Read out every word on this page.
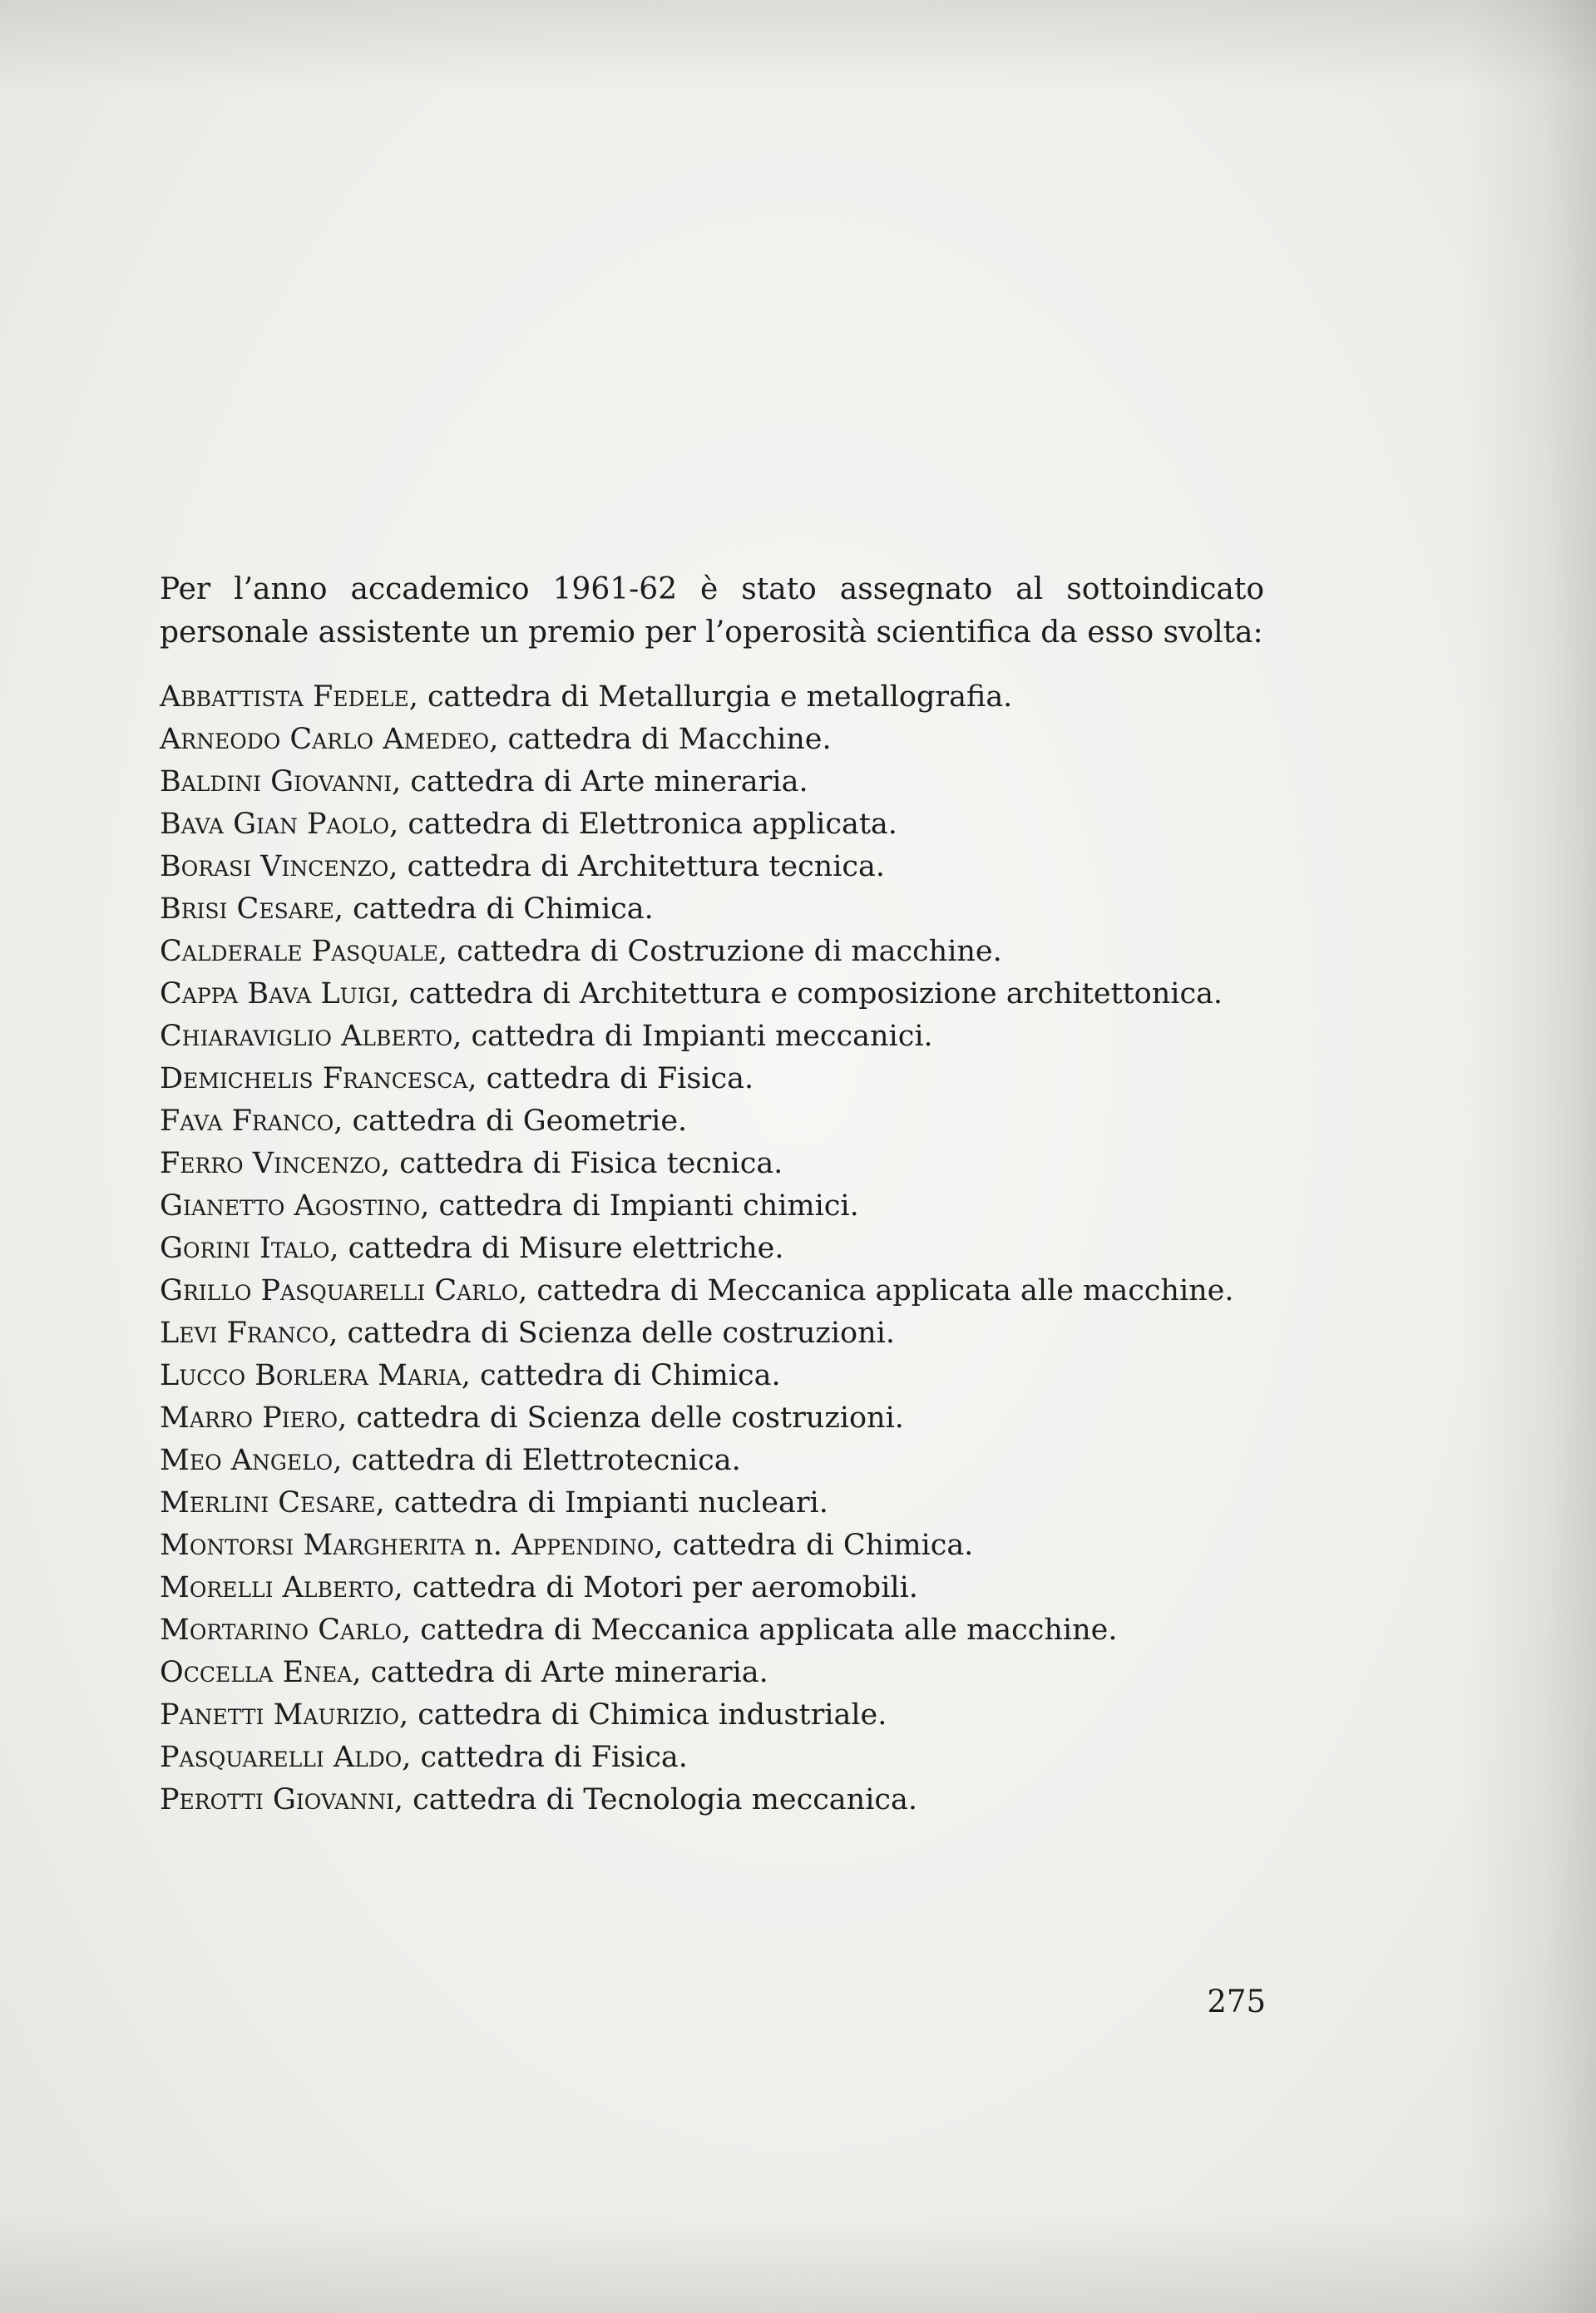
Per l’anno accademico 1961-62 è stato assegnato al sottoindicato
personale assistente un premio per l’operosità scientifica da esso svolta:

Abbattista Fedele, cattedra di Metallurgia e metallografia.
Arneodo Carlo Amedeo, cattedra di Macchine.
Baldini Giovanni, cattedra di Arte mineraria.
Bava Gian Paolo, cattedra di Elettronica applicata.
Borasi Vincenzo, cattedra di Architettura tecnica.
Brisi Cesare, cattedra di Chimica.
Calderale Pasquale, cattedra di Costruzione di macchine.
Cappa Bava Luigi, cattedra di Architettura e composizione architettonica.
Chiaraviglio Alberto, cattedra di Impianti meccanici.
Demichelis Francesca, cattedra di Fisica.
Fava Franco, cattedra di Geometrie.
Ferro Vincenzo, cattedra di Fisica tecnica.
Gianetto Agostino, cattedra di Impianti chimici.
Gorini Italo, cattedra di Misure elettriche.
Grillo Pasquarelli Carlo, cattedra di Meccanica applicata alle macchine.
Levi Franco, cattedra di Scienza delle costruzioni.
Lucco Borlera Maria, cattedra di Chimica.
Marro Piero, cattedra di Scienza delle costruzioni.
Meo Angelo, cattedra di Elettrotecnica.
Merlini Cesare, cattedra di Impianti nucleari.
Montorsi Margherita n. Appendino, cattedra di Chimica.
Morelli Alberto, cattedra di Motori per aeromobili.
Mortarino Carlo, cattedra di Meccanica applicata alle macchine.
Occella Enea, cattedra di Arte mineraria.
Panetti Maurizio, cattedra di Chimica industriale.
Pasquarelli Aldo, cattedra di Fisica.
Perotti Giovanni, cattedra di Tecnologia meccanica.
275
